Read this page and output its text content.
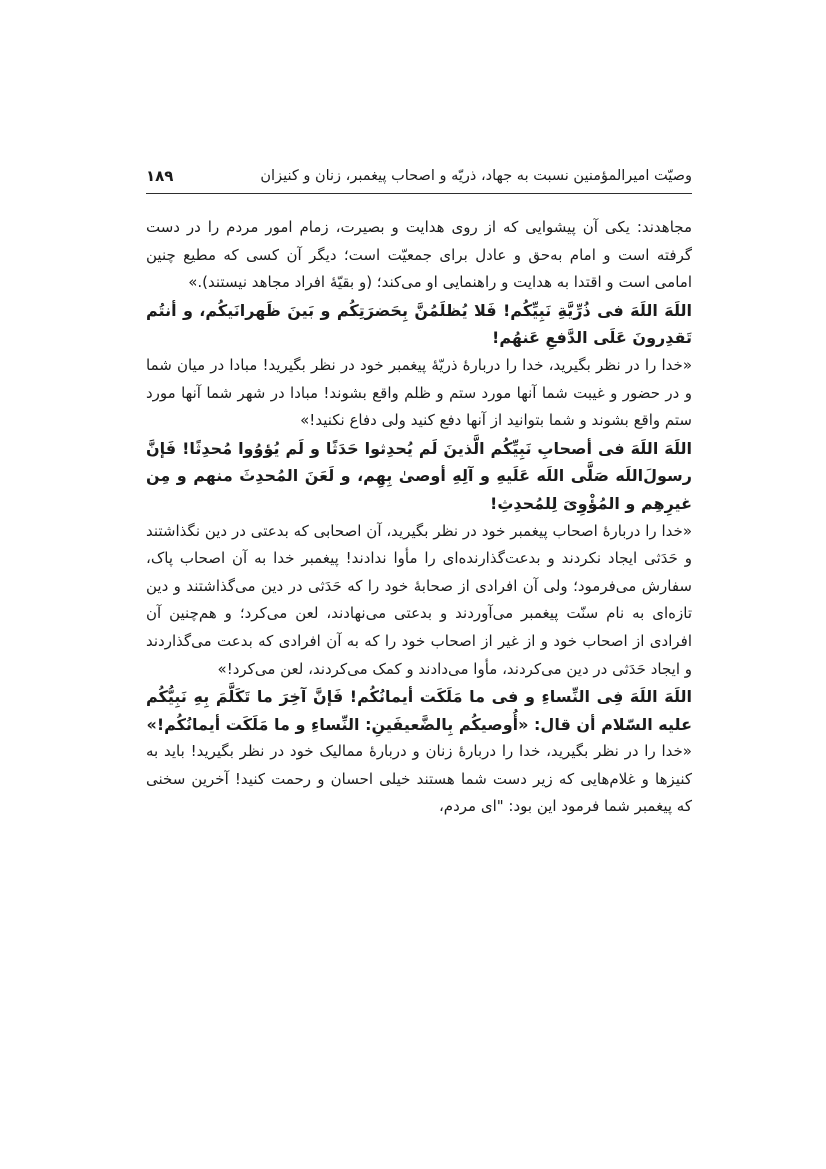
وصیّت امیرالمؤمنین نسبت به جهاد، ذریّه و اصحاب پیغمبر، زنان و کنیزان
۱۸۹

مجاهدند: یکی آن پیشوایی که از روی هدایت و بصیرت، زمام امور مردم را در دست گرفته است و امام به‌حق و عادل برای جمعیّت است؛ دیگر آن کسی که مطیع چنین امامی است و اقتدا به هدایت و راهنمایی او می‌کند؛ (و بقیّهٔ افراد مجاهد نیستند).»

اللَهَ اللَهَ فی ذُرِّیَّةِ نَبِیِّکُم! فَلا یُظلَمُنَّ بِحَضرَتِکُم و بَینَ ظَهرانَیکُم، و أنتُم تَقدِرونَ عَلَی الدَّفعِ عَنهُم!

«خدا را در نظر بگیرید، خدا را دربارهٔ ذریّهٔ پیغمبر خود در نظر بگیرید! مبادا در میان شما و در حضور و غیبت شما آنها مورد ستم و ظلم واقع بشوند! مبادا در شهر شما آنها مورد ستم واقع بشوند و شما بتوانید از آنها دفع کنید ولی دفاع نکنید!»

اللَهَ اللَهَ فی أصحابِ نَبِیِّکُم الَّذینَ لَم یُحدِثوا حَدَثًا و لَم یُؤوُوا مُحدِثًا! فَإنَّ رسولَ‌اللَه صَلَّی اللَه عَلَیهِ و آلِهِ أوصیٰ بِهِم، و لَعَنَ المُحدِثَ منهم و مِن غیرِهِم و المُؤْوِیَ لِلمُحدِثِ!

«خدا را دربارهٔ اصحاب پیغمبر خود در نظر بگیرید، آن اصحابی که بدعتی در دین نگذاشتند و حَدَثی ایجاد نکردند و بدعت‌گذارنده‌ای را مأوا ندادند! پیغمبر خدا به آن اصحاب پاک، سفارش می‌فرمود؛ ولی آن افرادی از صحابهٔ خود را که حَدَثی در دین می‌گذاشتند و دین تازه‌ای به نام سنّت پیغمبر می‌آوردند و بدعتی می‌نهادند، لعن می‌کرد؛ و هم‌چنین آن افرادی از اصحاب خود و از غیر از اصحاب خود را که به آن افرادی که بدعت می‌گذاردند و ایجاد حَدَثی در دین می‌کردند، مأوا می‌دادند و کمک می‌کردند، لعن می‌کرد!»

اللَهَ اللَهَ فِی النِّساءِ و فی ما مَلَکَت أیمانُکُم! فَإنَّ آخِرَ ما تَکَلَّمَ بِهِ نَبِیُّکُم علیه السّلام أن قال: «أُوصیکُم بِالضَّعیفَینِ: النِّساءِ و ما مَلَکَت أیمانُکُم!»

«خدا را در نظر بگیرید، خدا را دربارهٔ زنان و دربارهٔ ممالیک خود در نظر بگیرید! باید به کنیزها و غلام‌هایی که زیر دست شما هستند خیلی احسان و رحمت کنید! آخرین سخنی که پیغمبر شما فرمود این بود: "ای مردم،
